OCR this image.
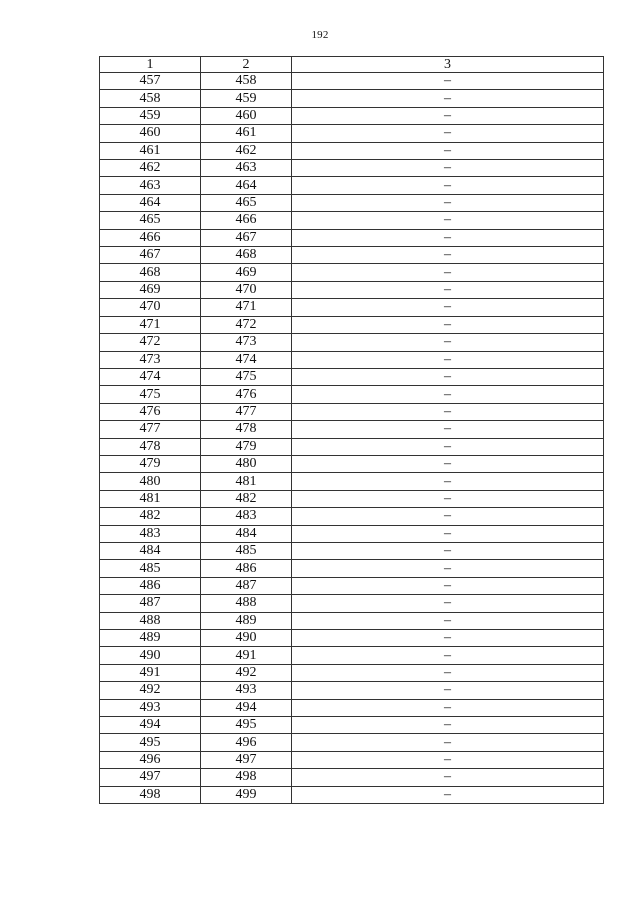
192
1	2	3
457	458	–
458	459	–
459	460	–
460	461	–
461	462	–
462	463	–
463	464	–
464	465	–
465	466	–
466	467	–
467	468	–
468	469	–
469	470	–
470	471	–
471	472	–
472	473	–
473	474	–
474	475	–
475	476	–
476	477	–
477	478	–
478	479	–
479	480	–
480	481	–
481	482	–
482	483	–
483	484	–
484	485	–
485	486	–
486	487	–
487	488	–
488	489	–
489	490	–
490	491	–
491	492	–
492	493	–
493	494	–
494	495	–
495	496	–
496	497	–
497	498	–
498	499	–
